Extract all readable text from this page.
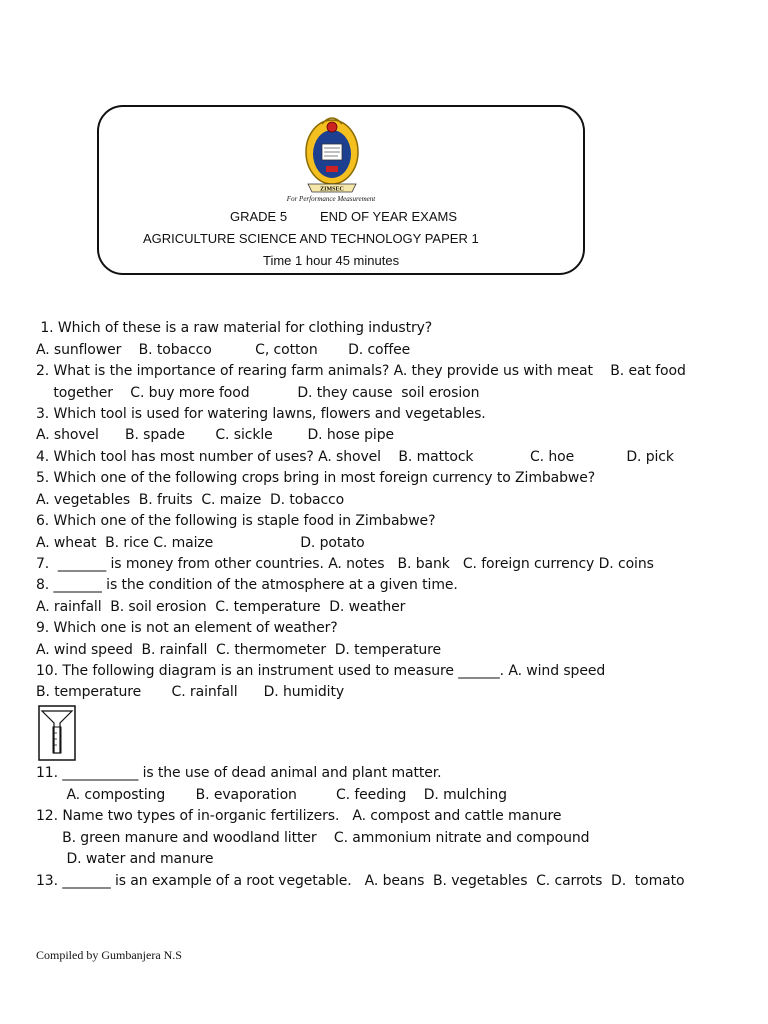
ZIMSEC
For Performance Measurement
GRADE 5	END OF YEAR EXAMS
AGRICULTURE SCIENCE AND TECHNOLOGY PAPER 1
Time 1 hour 45 minutes
1. Which of these is a raw material for clothing industry?
A. sunflower    B. tobacco          C, cotton       D. coffee
2. What is the importance of rearing farm animals? A. they provide us with meat    B. eat food
together    C. buy more food           D. they cause  soil erosion
3. Which tool is used for watering lawns, flowers and vegetables.
A. shovel      B. spade       C. sickle        D. hose pipe
4. Which tool has most number of uses? A. shovel    B. mattock             C. hoe            D. pick
5. Which one of the following crops bring in most foreign currency to Zimbabwe?
A. vegetables  B. fruits  C. maize  D. tobacco
6. Which one of the following is staple food in Zimbabwe?
A. wheat  B. rice C. maize                    D. potato
7.  _______ is money from other countries. A. notes   B. bank   C. foreign currency D. coins
8. _______ is the condition of the atmosphere at a given time.
A. rainfall  B. soil erosion  C. temperature  D. weather
9. Which one is not an element of weather?
A. wind speed  B. rainfall  C. thermometer  D. temperature
10. The following diagram is an instrument used to measure ______. A. wind speed
B. temperature       C. rainfall      D. humidity
11. ___________ is the use of dead animal and plant matter.
A. composting       B. evaporation         C. feeding    D. mulching
12. Name two types of in-organic fertilizers.   A. compost and cattle manure
B. green manure and woodland litter    C. ammonium nitrate and compound
D. water and manure
13. _______ is an example of a root vegetable.   A. beans  B. vegetables  C. carrots  D.  tomato
Compiled by Gumbanjera N.S
